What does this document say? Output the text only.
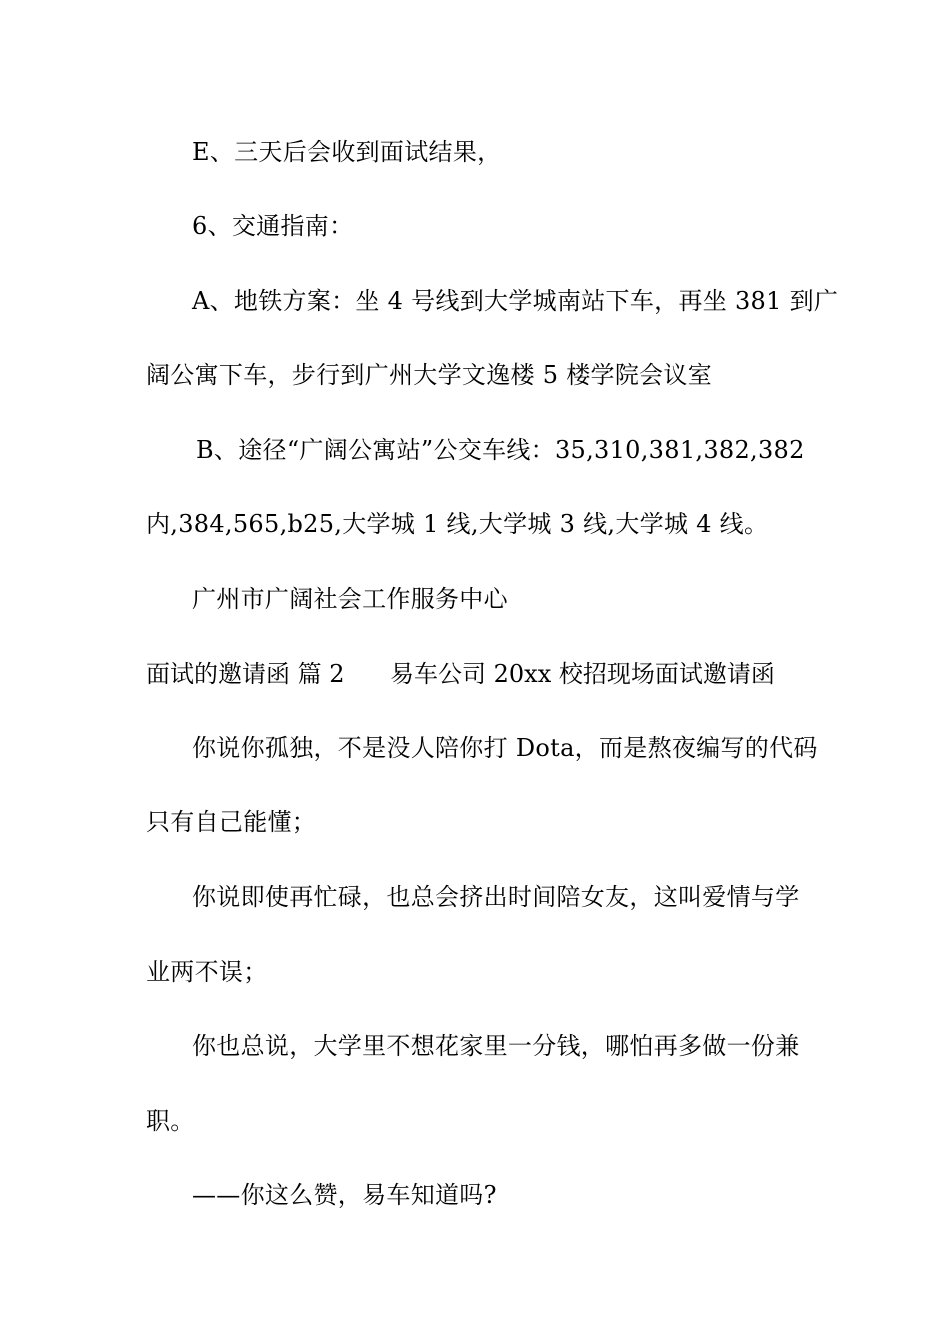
E、三天后会收到面试结果，
6、交通指南：
A、地铁方案：坐 4 号线到大学城南站下车，再坐 381 到广
阔公寓下车，步行到广州大学文逸楼 5 楼学院会议室
B、途径“广阔公寓站”公交车线：35,310,381,382,382
内,384,565,b25,大学城 1 线,大学城 3 线,大学城 4 线。
广州市广阔社会工作服务中心
面试的邀请函 篇 2 易车公司 20xx 校招现场面试邀请函
你说你孤独，不是没人陪你打 Dota，而是熬夜编写的代码
只有自己能懂；
你说即使再忙碌，也总会挤出时间陪女友，这叫爱情与学
业两不误；
你也总说，大学里不想花家里一分钱，哪怕再多做一份兼
职。
——你这么赞，易车知道吗?
